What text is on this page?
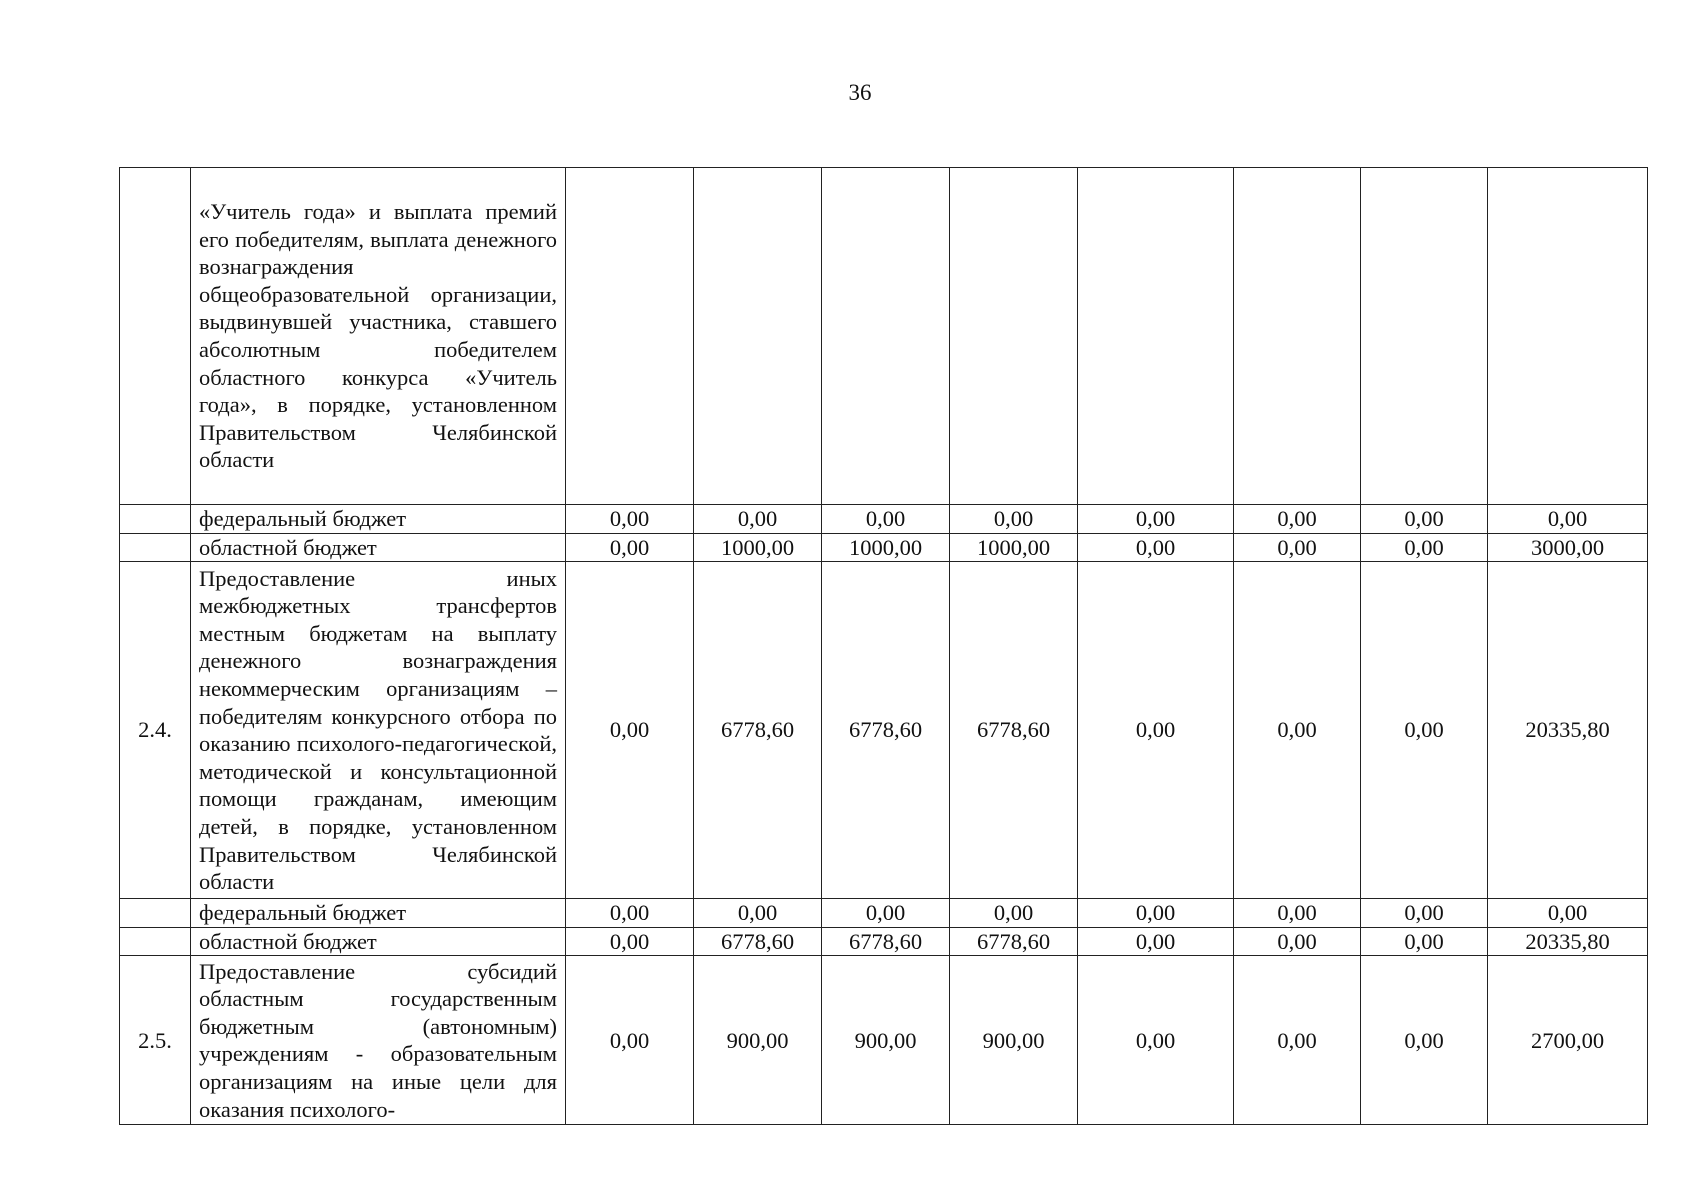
36
	«Учитель года» и выплата премий его победителям, выплата денежного вознаграждения общеобразовательной организации, выдвинувшей участника, ставшего абсолютным победителем областного конкурса «Учитель года», в порядке, установленном Правительством Челябинской области								
	федеральный бюджет	0,00	0,00	0,00	0,00	0,00	0,00	0,00	0,00
	областной бюджет	0,00	1000,00	1000,00	1000,00	0,00	0,00	0,00	3000,00
2.4.	Предоставление иных межбюджетных трансфертов местным бюджетам на выплату денежного вознаграждения некоммерческим организациям – победителям конкурсного отбора по оказанию психолого-педагогической, методической и консультационной помощи гражданам, имеющим детей, в порядке, установленном Правительством Челябинской области	0,00	6778,60	6778,60	6778,60	0,00	0,00	0,00	20335,80
	федеральный бюджет	0,00	0,00	0,00	0,00	0,00	0,00	0,00	0,00
	областной бюджет	0,00	6778,60	6778,60	6778,60	0,00	0,00	0,00	20335,80
2.5.	Предоставление субсидий областным государственным бюджетным (автономным) учреждениям - образовательным организациям на иные цели для оказания психолого-	0,00	900,00	900,00	900,00	0,00	0,00	0,00	2700,00
